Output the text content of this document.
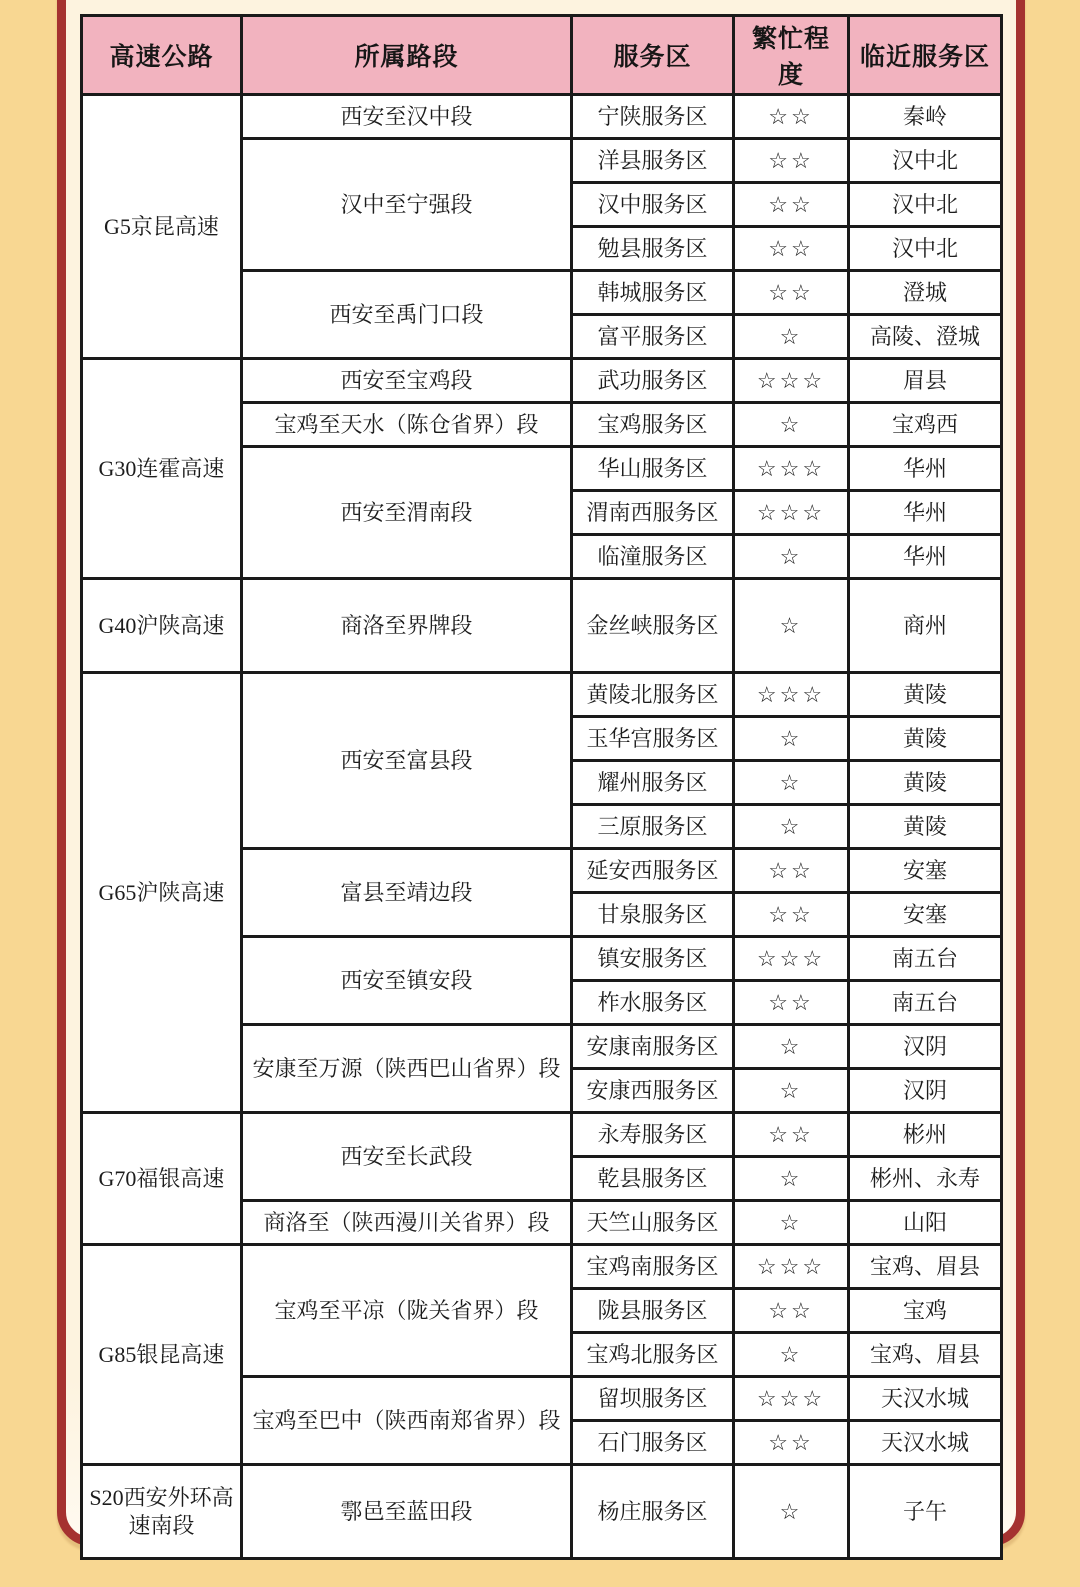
高速公路	所属路段	服务区	繁忙程度	临近服务区
G5京昆高速	西安至汉中段	宁陕服务区	☆☆	秦岭
	汉中至宁强段	洋县服务区	☆☆	汉中北
		汉中服务区	☆☆	汉中北
		勉县服务区	☆☆	汉中北
	西安至禹门口段	韩城服务区	☆☆	澄城
		富平服务区	☆	高陵、澄城
G30连霍高速	西安至宝鸡段	武功服务区	☆☆☆	眉县
	宝鸡至天水（陈仓省界）段	宝鸡服务区	☆	宝鸡西
	西安至渭南段	华山服务区	☆☆☆	华州
		渭南西服务区	☆☆☆	华州
		临潼服务区	☆	华州
G40沪陕高速	商洛至界牌段	金丝峡服务区	☆	商州
G65沪陕高速	西安至富县段	黄陵北服务区	☆☆☆	黄陵
		玉华宫服务区	☆	黄陵
		耀州服务区	☆	黄陵
		三原服务区	☆	黄陵
	富县至靖边段	延安西服务区	☆☆	安塞
		甘泉服务区	☆☆	安塞
	西安至镇安段	镇安服务区	☆☆☆	南五台
		柞水服务区	☆☆	南五台
	安康至万源（陕西巴山省界）段	安康南服务区	☆	汉阴
		安康西服务区	☆	汉阴
G70福银高速	西安至长武段	永寿服务区	☆☆	彬州
		乾县服务区	☆	彬州、永寿
	商洛至（陕西漫川关省界）段	天竺山服务区	☆	山阳
G85银昆高速	宝鸡至平凉（陇关省界）段	宝鸡南服务区	☆☆☆	宝鸡、眉县
		陇县服务区	☆☆	宝鸡
		宝鸡北服务区	☆	宝鸡、眉县
	宝鸡至巴中（陕西南郑省界）段	留坝服务区	☆☆☆	天汉水城
		石门服务区	☆☆	天汉水城
S20西安外环高速南段	鄠邑至蓝田段	杨庄服务区	☆	子午
